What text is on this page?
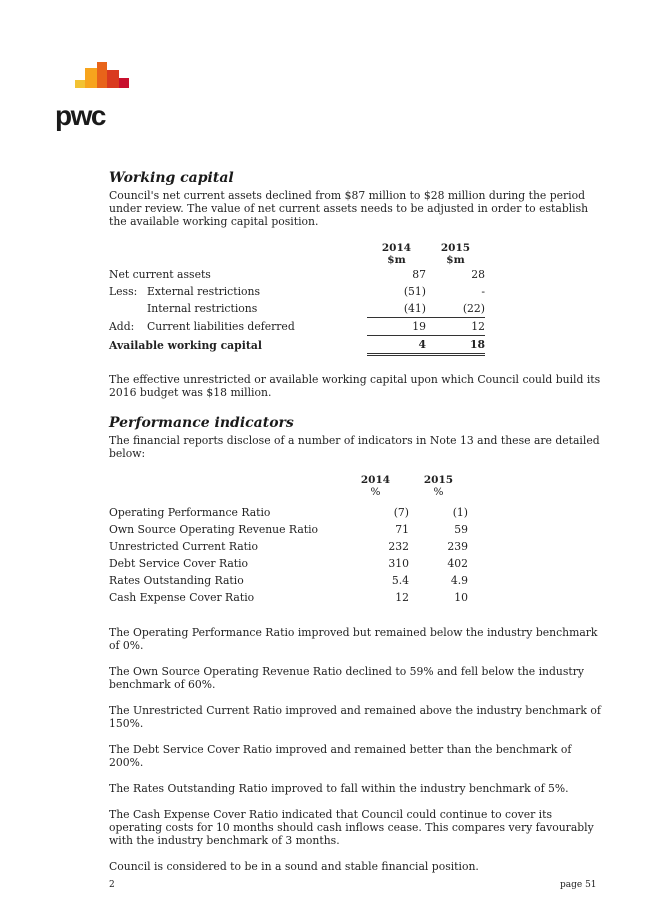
pwc
Working capital

Council's net current assets declined from $87 million to $28 million during the period under review. The value of net current assets needs to be adjusted in order to establish the available working capital position.

			2014	2015
			$m	$m
Net current assets			87	28
Less:	External restrictions		(51)	-
	Internal restrictions		(41)	(22)
Add:	Current liabilities deferred		19	12
Available working capital			4	18

The effective unrestricted or available working capital upon which Council could build its 2016 budget was $18 million.

Performance indicators

The financial reports disclose of a number of indicators in Note 13 and these are detailed below:

		2014	2015
		%	%

Operating Performance Ratio		(7)	(1)
Own Source Operating Revenue Ratio		71	59
Unrestricted Current Ratio		232	239
Debt Service Cover Ratio		310	402
Rates Outstanding Ratio		5.4	4.9
Cash Expense Cover Ratio		12	10

The Operating Performance Ratio improved but remained below the industry benchmark of 0%.

The Own Source Operating Revenue Ratio declined to 59% and fell below the industry benchmark of 60%.

The Unrestricted Current Ratio improved and remained above the industry benchmark of 150%.

The Debt Service Cover Ratio improved and remained better than the benchmark of 200%.

The Rates Outstanding Ratio improved to fall within the industry benchmark of 5%.

The Cash Expense Cover Ratio indicated that Council could continue to cover its operating costs for 10 months should cash inflows cease. This compares very favourably with the industry benchmark of 3 months.

Council is considered to be in a sound and stable financial position.

2	page 51
